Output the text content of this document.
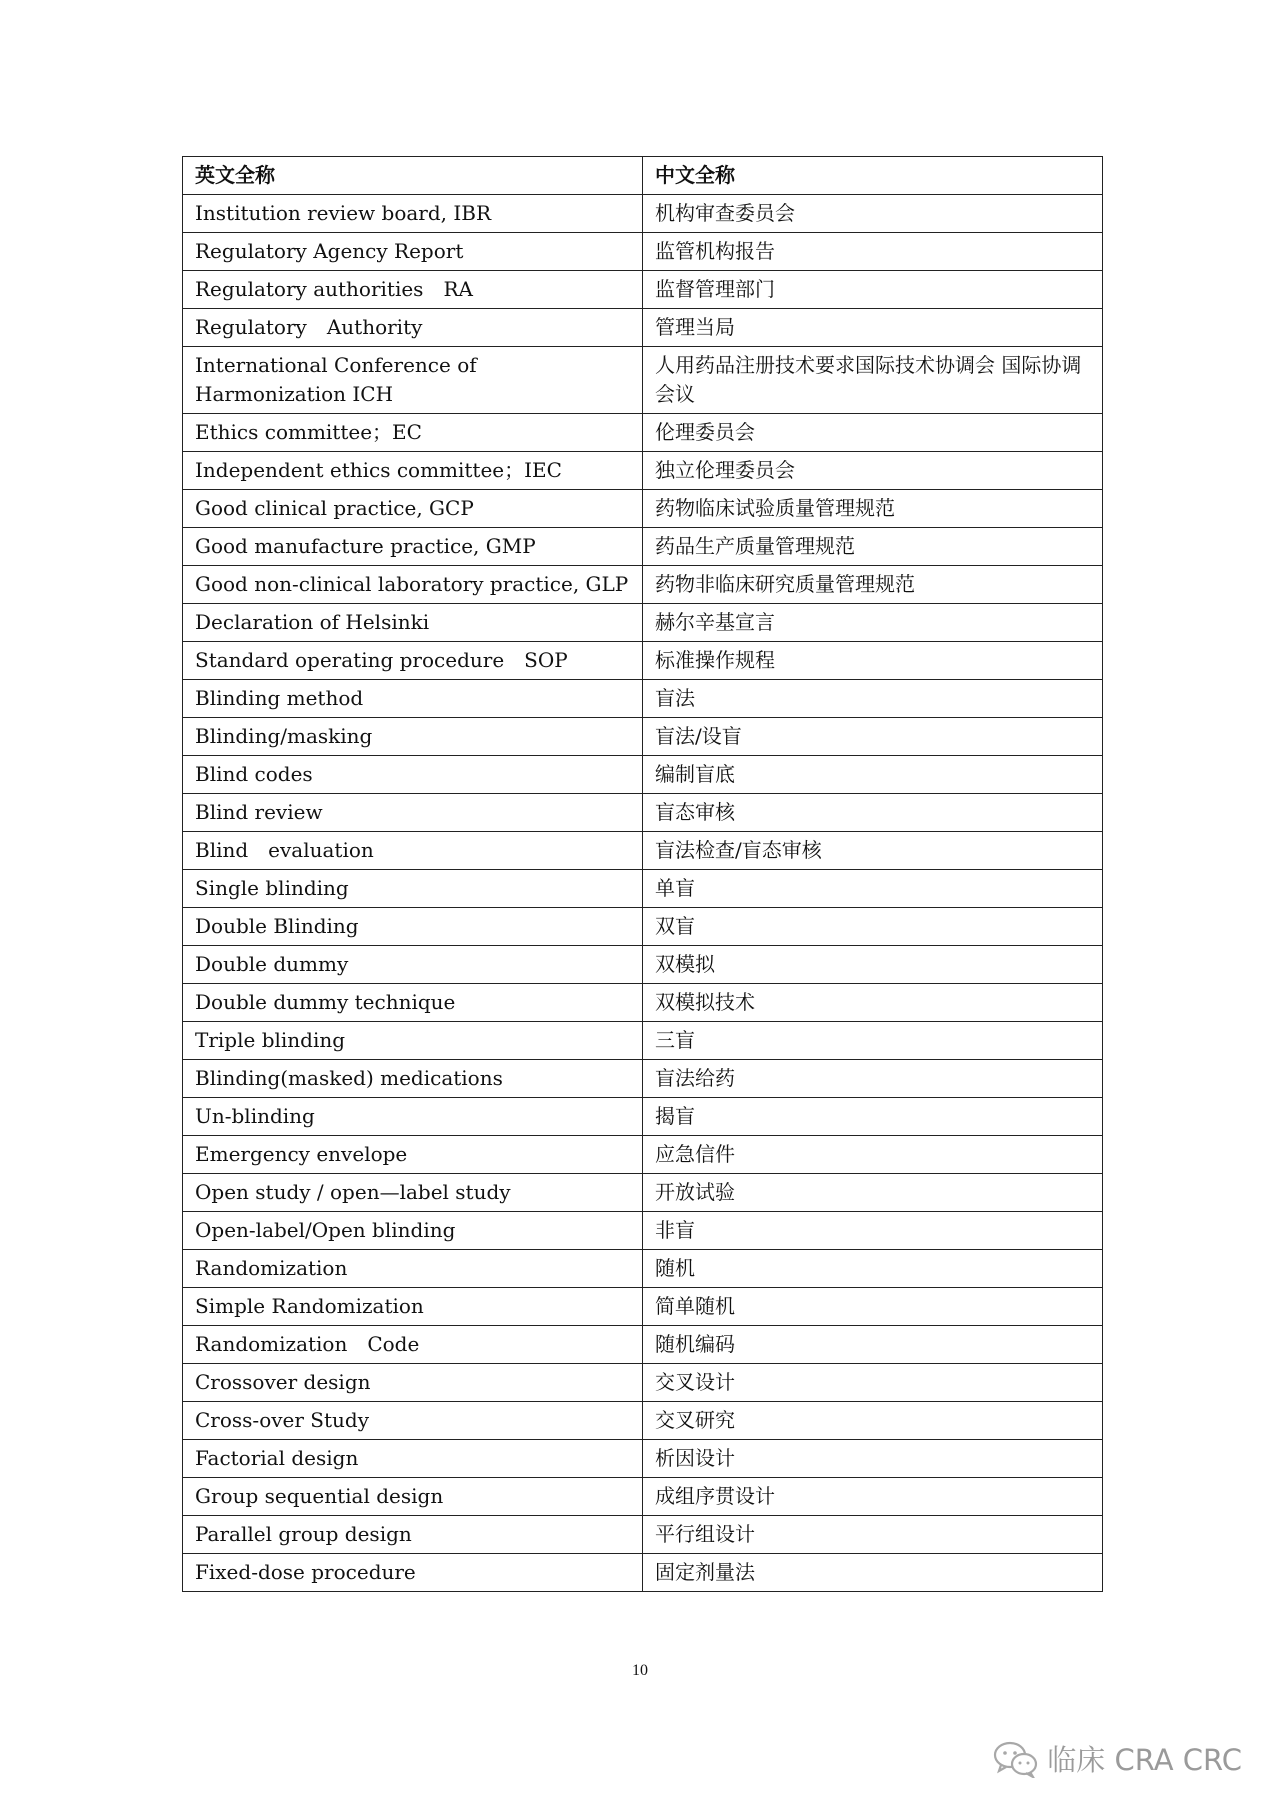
英文全称	中文全称
Institution review board, IBR	机构审查委员会
Regulatory Agency Report	监管机构报告
Regulatory authorities　RA	监督管理部门
Regulatory　Authority	管理当局
International Conference of Harmonization ICH	人用药品注册技术要求国际技术协调会 国际协调会议
Ethics committee；EC	伦理委员会
Independent ethics committee；IEC	独立伦理委员会
Good clinical practice, GCP	药物临床试验质量管理规范
Good manufacture practice, GMP	药品生产质量管理规范
Good non-clinical laboratory practice, GLP	药物非临床研究质量管理规范
Declaration of Helsinki	赫尔辛基宣言
Standard operating procedure　SOP	标准操作规程
Blinding method	盲法
Blinding/masking	盲法/设盲
Blind codes	编制盲底
Blind review	盲态审核
Blind　evaluation	盲法检查/盲态审核
Single blinding	单盲
Double Blinding	双盲
Double dummy	双模拟
Double dummy technique	双模拟技术
Triple blinding	三盲
Blinding(masked) medications	盲法给药
Un-blinding	揭盲
Emergency envelope	应急信件
Open study / open—label study	开放试验
Open-label/Open blinding	非盲
Randomization	随机
Simple Randomization	简单随机
Randomization　Code	随机编码
Crossover design	交叉设计
Cross-over Study	交叉研究
Factorial design	析因设计
Group sequential design	成组序贯设计
Parallel group design	平行组设计
Fixed-dose procedure	固定剂量法
10
临床 CRA CRC
